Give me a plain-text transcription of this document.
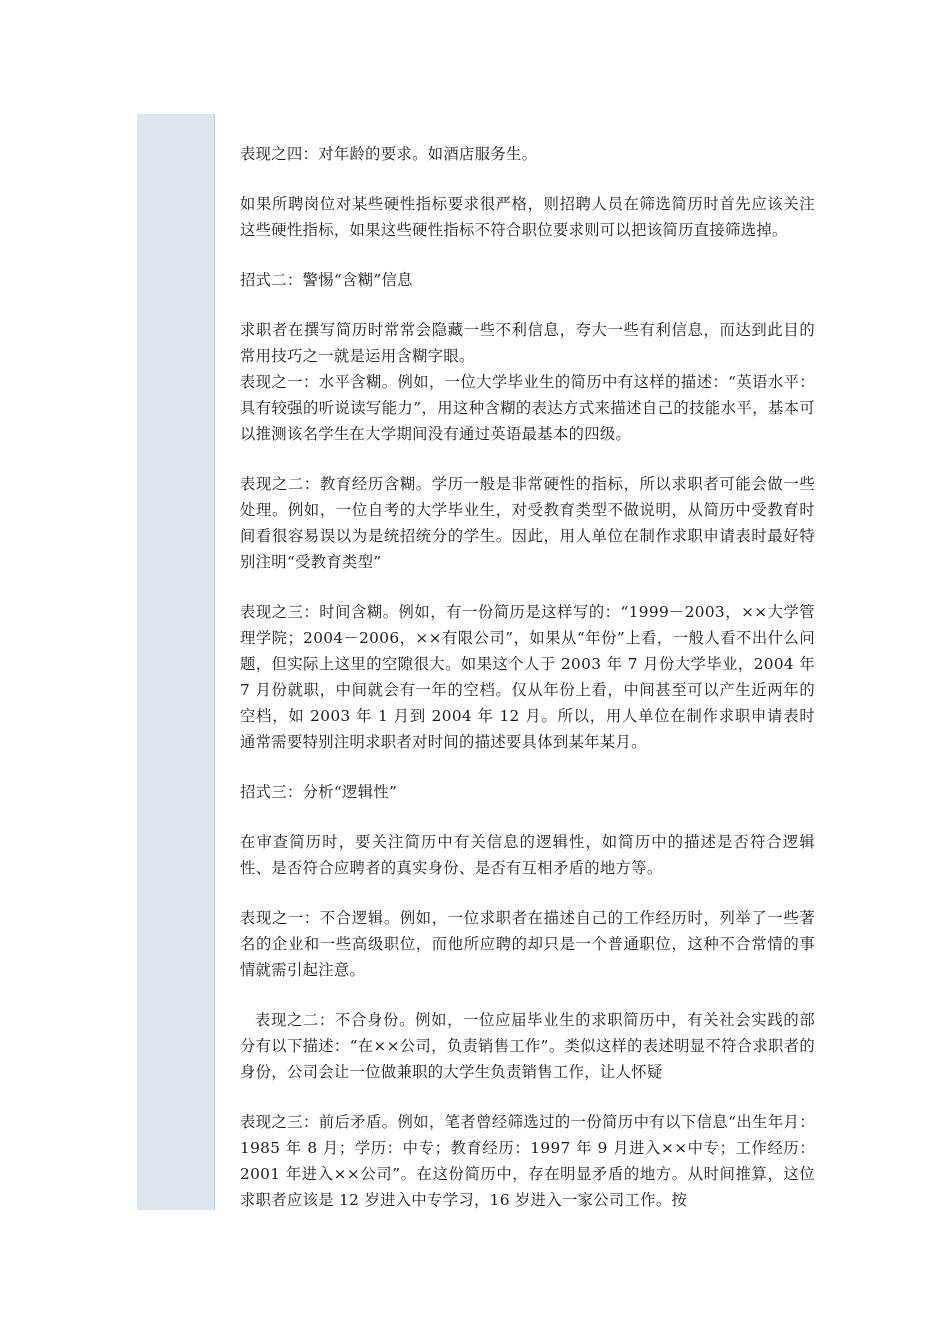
表现之四：对年龄的要求。如酒店服务生。

如果所聘岗位对某些硬性指标要求很严格，则招聘人员在筛选简历时首先应该关注这些硬性指标，如果这些硬性指标不符合职位要求则可以把该简历直接筛选掉。

招式二：警惕“含糊”信息

求职者在撰写简历时常常会隐藏一些不利信息，夸大一些有利信息，而达到此目的常用技巧之一就是运用含糊字眼。

表现之一：水平含糊。例如，一位大学毕业生的简历中有这样的描述：“英语水平：具有较强的听说读写能力”，用这种含糊的表达方式来描述自己的技能水平，基本可以推测该名学生在大学期间没有通过英语最基本的四级。

表现之二：教育经历含糊。学历一般是非常硬性的指标，所以求职者可能会做一些处理。例如，一位自考的大学毕业生，对受教育类型不做说明，从简历中受教育时间看很容易误以为是统招统分的学生。因此，用人单位在制作求职申请表时最好特别注明“受教育类型”

表现之三：时间含糊。例如，有一份简历是这样写的：“1999－2003，××大学管理学院；2004－2006，××有限公司”，如果从“年份”上看，一般人看不出什么问题，但实际上这里的空隙很大。如果这个人于 2003 年 7 月份大学毕业，2004 年 7 月份就职，中间就会有一年的空档。仅从年份上看，中间甚至可以产生近两年的空档，如 2003 年 1 月到 2004 年 12 月。所以，用人单位在制作求职申请表时通常需要特别注明求职者对时间的描述要具体到某年某月。

招式三：分析“逻辑性”

在审查简历时，要关注简历中有关信息的逻辑性，如简历中的描述是否符合逻辑性、是否符合应聘者的真实身份、是否有互相矛盾的地方等。

表现之一：不合逻辑。例如，一位求职者在描述自己的工作经历时，列举了一些著名的企业和一些高级职位，而他所应聘的却只是一个普通职位，这种不合常情的事情就需引起注意。

表现之二：不合身份。例如，一位应届毕业生的求职简历中，有关社会实践的部分有以下描述：“在××公司，负责销售工作”。类似这样的表述明显不符合求职者的身份，公司会让一位做兼职的大学生负责销售工作，让人怀疑

表现之三：前后矛盾。例如，笔者曾经筛选过的一份简历中有以下信息“出生年月：1985 年 8 月；学历：中专；教育经历：1997 年 9 月进入××中专；工作经历：2001 年进入××公司”。在这份简历中，存在明显矛盾的地方。从时间推算，这位求职者应该是 12 岁进入中专学习，16 岁进入一家公司工作。按
